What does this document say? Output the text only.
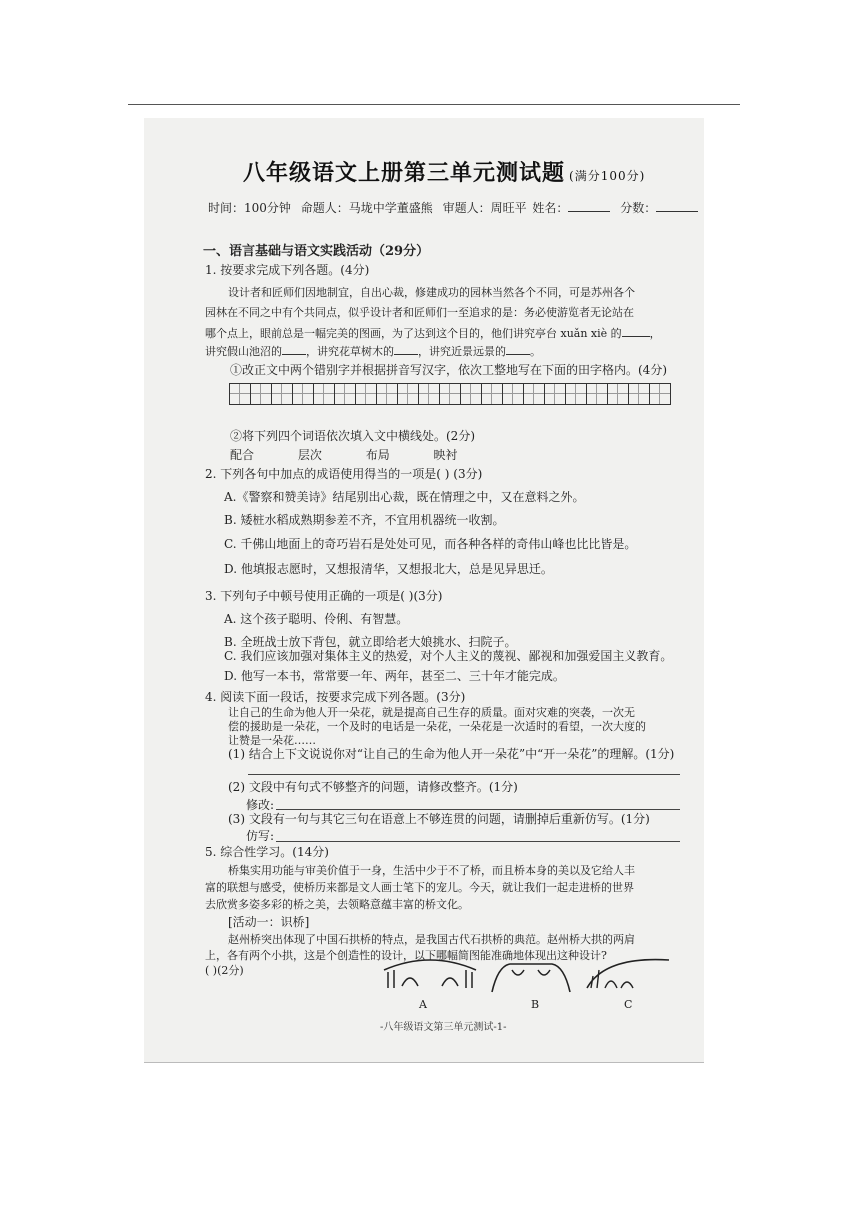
八年级语文上册第三单元测试题 (满分100分)
时间：100分钟 命题人：马垅中学董盛熊 审题人：周旺平 姓名：	分数：
一、语言基础与语文实践活动（29分）
1. 按要求完成下列各题。(4分)
设计者和匠师们因地制宜，自出心裁，修建成功的园林当然各个不同，可是苏州各个
园林在不同之中有个共同点，似乎设计者和匠师们一至追求的是：务必使游览者无论站在
哪个点上，眼前总是一幅完美的图画，为了达到这个目的，他们讲究亭台 xuǎn xiè 的	，
讲究假山池沼的 ，讲究花草树木的 ，讲究近景远景的 。
①改正文中两个错别字并根据拼音写汉字，依次工整地写在下面的田字格内。(4分)
②将下列四个词语依次填入文中横线处。(2分)
配合	层次	布局	映衬
2. 下列各句中加点的成语使用得当的一项是( ) (3分)
A.《警察和赞美诗》结尾别出心裁，既在情理之中，又在意料之外。
B. 矮桩水稻成熟期参差不齐，不宜用机器统一收割。
C. 千佛山地面上的奇巧岩石是处处可见，而各种各样的奇伟山峰也比比皆是。
D. 他填报志愿时，又想报清华，又想报北大，总是见异思迁。
3. 下列句子中顿号使用正确的一项是( )(3分)
A. 这个孩子聪明、伶俐、有智慧。
B. 全班战士放下背包，就立即给老大娘挑水、扫院子。
C. 我们应该加强对集体主义的热爱，对个人主义的蔑视、鄙视和加强爱国主义教育。
D. 他写一本书，常常要一年、两年，甚至二、三十年才能完成。
4. 阅读下面一段话，按要求完成下列各题。(3分)
让自己的生命为他人开一朵花，就是提高自己生存的质量。面对灾难的突袭，一次无
偿的援助是一朵花，一个及时的电话是一朵花，一朵花是一次适时的看望，一次大度的
让赞是一朵花……
(1) 结合上下文说说你对“让自己的生命为他人开一朵花”中“开一朵花”的理解。(1分)
(2) 文段中有句式不够整齐的问题，请修改整齐。(1分)
修改:
(3) 文段有一句与其它三句在语意上不够连贯的问题，请删掉后重新仿写。(1分)
仿写:
5. 综合性学习。(14分)
桥集实用功能与审美价值于一身，生活中少于不了桥，而且桥本身的美以及它给人丰
富的联想与感受，使桥历来都是文人画士笔下的宠儿。今天，就让我们一起走进桥的世界
去欣赏多姿多彩的桥之美，去领略意蕴丰富的桥文化。
[活动一：识桥]
赵州桥突出体现了中国石拱桥的特点，是我国古代石拱桥的典范。赵州桥大拱的两肩
上，各有两个小拱，这是个创造性的设计，以下哪幅简图能准确地体现出这种设计?
( )(2分)
A	B	C
-八年级语文第三单元测试-1-
